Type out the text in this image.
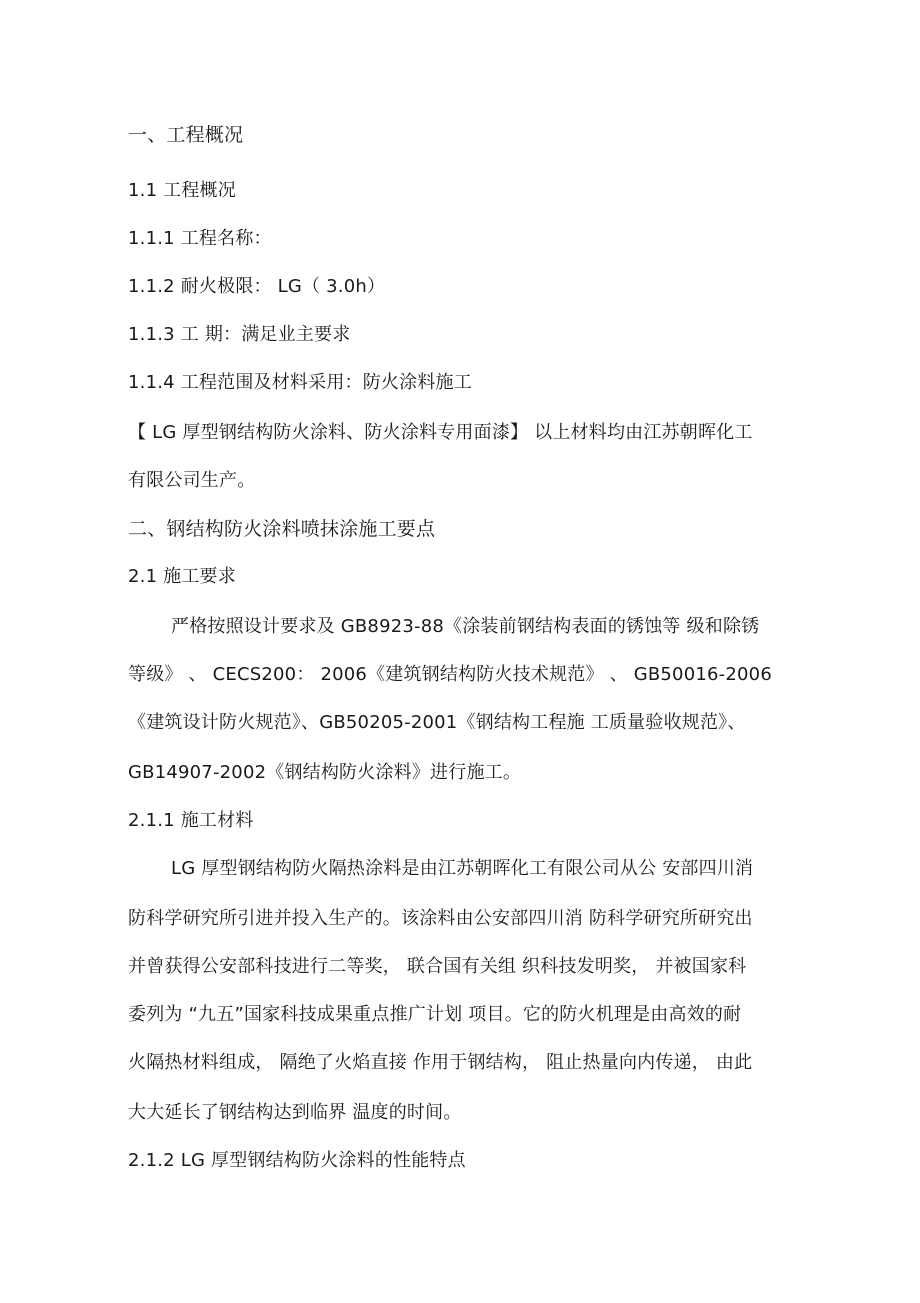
一、工程概况
1.1 工程概况
1.1.1 工程名称：
1.1.2 耐火极限： LG（ 3.0h）
1.1.3 工 期：满足业主要求
1.1.4 工程范围及材料采用：防火涂料施工
【 LG 厚型钢结构防火涂料、防火涂料专用面漆】 以上材料均由江苏朝晖化工
有限公司生产。
二、钢结构防火涂料喷抹涂施工要点
2.1 施工要求
严格按照设计要求及 GB8923-88《涂装前钢结构表面的锈蚀等 级和除锈
等级》 、 CECS200： 2006《建筑钢结构防火技术规范》 、 GB50016-2006
《建筑设计防火规范》、GB50205-2001《钢结构工程施 工质量验收规范》、
GB14907-2002《钢结构防火涂料》进行施工。
2.1.1 施工材料
LG 厚型钢结构防火隔热涂料是由江苏朝晖化工有限公司从公 安部四川消
防科学研究所引进并投入生产的。该涂料由公安部四川消 防科学研究所研究出
并曾获得公安部科技进行二等奖， 联合国有关组 织科技发明奖， 并被国家科
委列为 “九五”国家科技成果重点推广计划 项目。它的防火机理是由高效的耐
火隔热材料组成， 隔绝了火焰直接 作用于钢结构， 阻止热量向内传递， 由此
大大延长了钢结构达到临界 温度的时间。
2.1.2 LG 厚型钢结构防火涂料的性能特点
